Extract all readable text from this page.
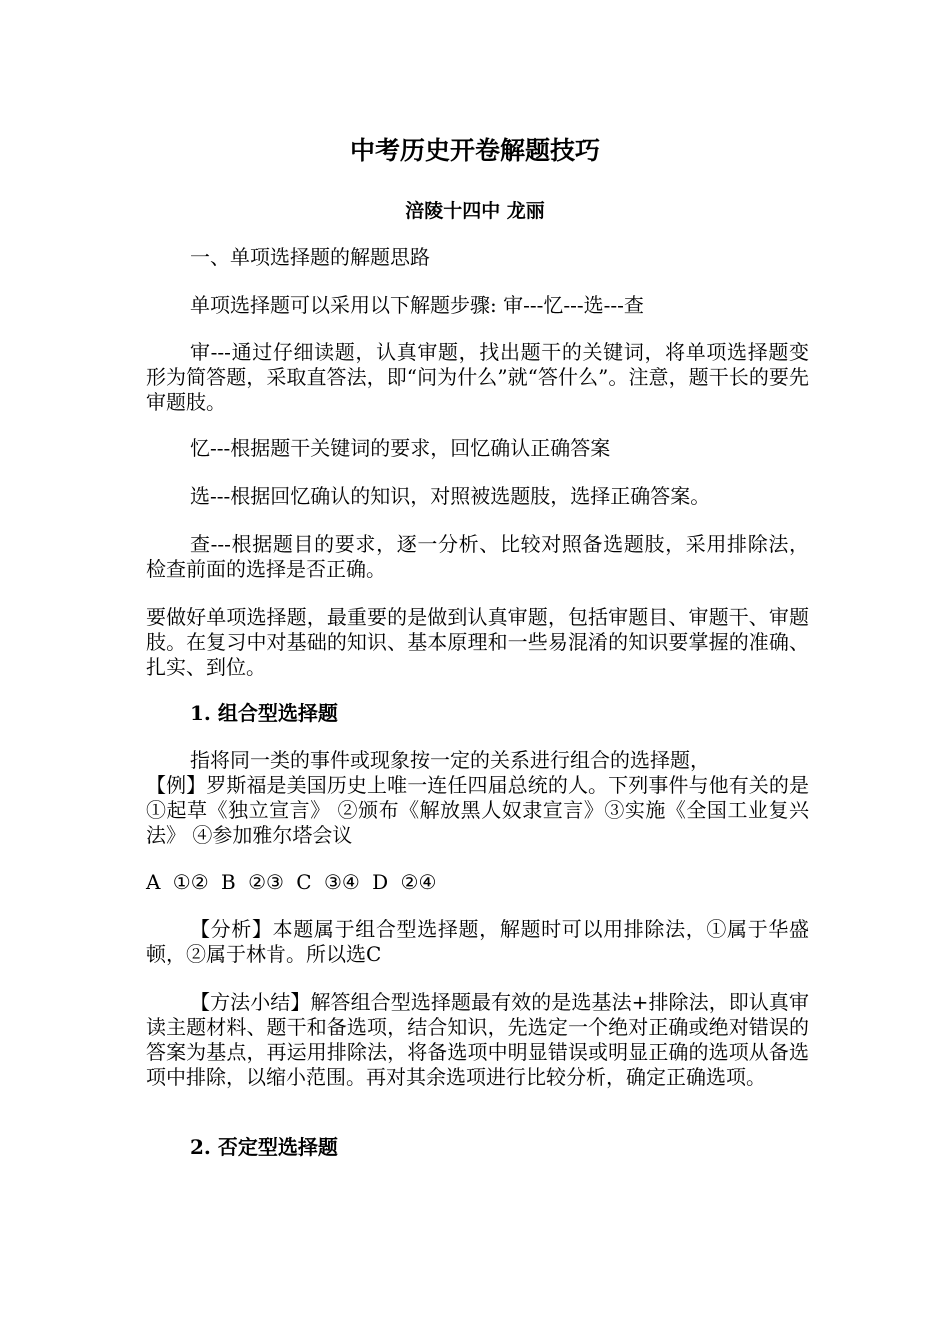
中考历史开卷解题技巧
涪陵十四中 龙丽

一、单项选择题的解题思路

单项选择题可以采用以下解题步骤: 审---忆---选---查

审---通过仔细读题，认真审题，找出题干的关键词，将单项选择题变形为简答题，采取直答法，即“问为什么”就“答什么”。注意，题干长的要先审题肢。

忆---根据题干关键词的要求，回忆确认正确答案

选---根据回忆确认的知识，对照被选题肢，选择正确答案。

查---根据题目的要求，逐一分析、比较对照备选题肢，采用排除法，检查前面的选择是否正确。

要做好单项选择题，最重要的是做到认真审题，包括审题目、审题干、审题肢。在复习中对基础的知识、基本原理和一些易混淆的知识要掌握的准确、扎实、到位。

1. 组合型选择题

指将同一类的事件或现象按一定的关系进行组合的选择题，

【例】罗斯福是美国历史上唯一连任四届总统的人。下列事件与他有关的是①起草《独立宣言》 ②颁布《解放黑人奴隶宣言》③实施《全国工业复兴法》 ④参加雅尔塔会议

A ①② B ②③ C ③④ D ②④

【分析】本题属于组合型选择题，解题时可以用排除法，①属于华盛顿，②属于林肯。所以选C

【方法小结】解答组合型选择题最有效的是选基法+排除法，即认真审读主题材料、题干和备选项，结合知识，先选定一个绝对正确或绝对错误的答案为基点，再运用排除法，将备选项中明显错误或明显正确的选项从备选项中排除，以缩小范围。再对其余选项进行比较分析，确定正确选项。

2. 否定型选择题
